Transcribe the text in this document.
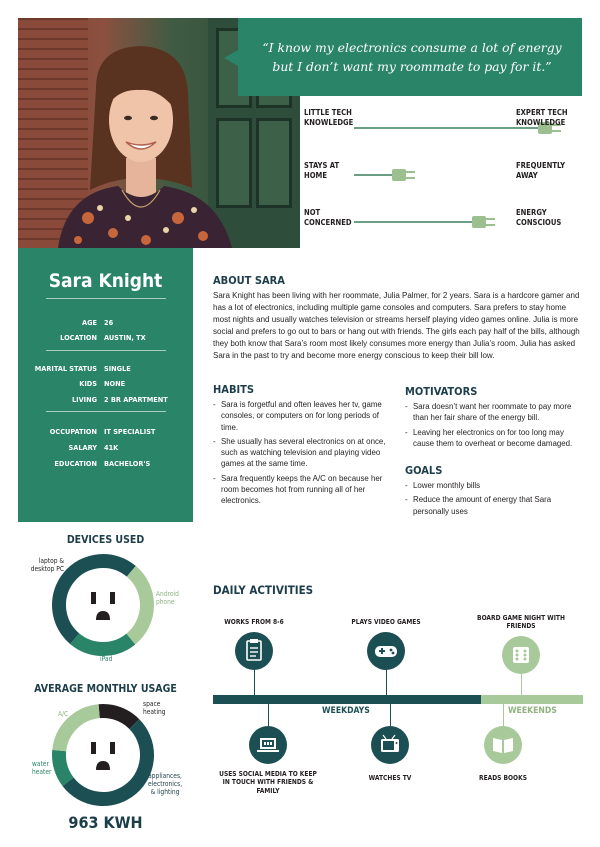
“I know my electronics consume a lot of energy but I don’t want my roommate to pay for it.”
LITTLE TECH KNOWLEDGE
EXPERT TECH KNOWLEDGE
STAYS AT HOME
FREQUENTLY AWAY
NOT CONCERNED
ENERGY CONSCIOUS
Sara Knight
AGE 26
LOCATION AUSTIN, TX
MARITAL STATUS SINGLE
KIDS NONE
LIVING 2 BR APARTMENT
OCCUPATION IT SPECIALIST
SALARY 41K
EDUCATION BACHELOR'S
ABOUT SARA
Sara Knight has been living with her roommate, Julia Palmer, for 2 years. Sara is a hardcore gamer and has a lot of electronics, including multiple game consoles and computers. Sara prefers to stay home most nights and usually watches television or streams herself playing video games online. Julia is more social and prefers to go out to bars or hang out with friends. The girls each pay half of the bills, although they both know that Sara’s room most likely consumes more energy than Julia’s room. Julia has asked Sara in the past to try and become more energy conscious to keep their bill low.
HABITS
- Sara is forgetful and often leaves her tv, game consoles, or computers on for long periods of time.
- She usually has several electronics on at once, such as watching television and playing video games at the same time.
- Sara frequently keeps the A/C on because her room becomes hot from running all of her electronics.
MOTIVATORS
- Sara doesn’t want her roommate to pay more than her fair share of the energy bill.
- Leaving her electronics on for too long may cause them to overheat or become damaged.
GOALS
- Lower monthly bills
- Reduce the amount of energy that Sara personally uses
DEVICES USED
laptop &
desktop PC
Android
phone
iPad
AVERAGE MONTHLY USAGE
space
heating
A/C
water
heater	appliances,
electronics,
& lighting
963 KWH
DAILY ACTIVITIES
WORKS FROM 8-6	PLAYS VIDEO GAMES	BOARD GAME NIGHT WITH FRIENDS
WEEKDAYS	WEEKENDS
USES SOCIAL MEDIA TO KEEP IN TOUCH WITH FRIENDS & FAMILY
WATCHES TV	READS BOOKS
